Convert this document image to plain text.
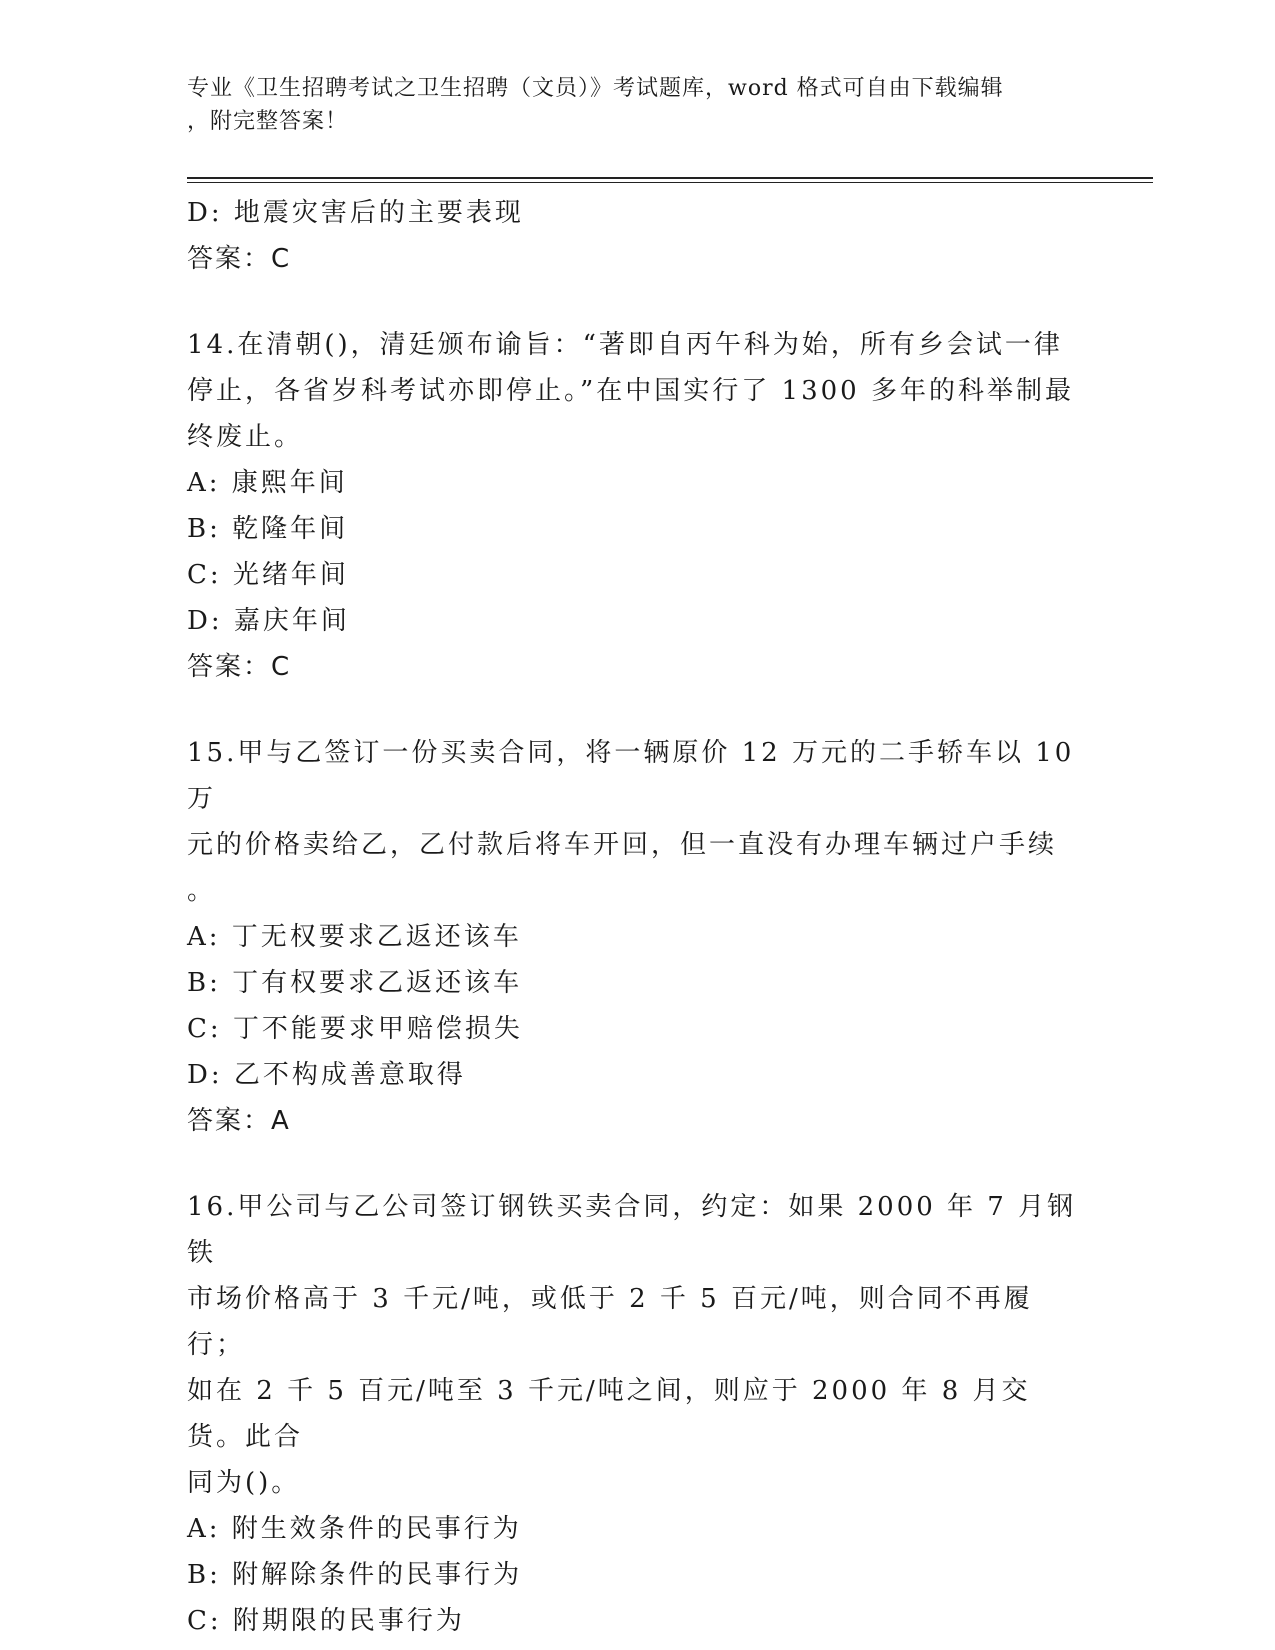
专业《卫生招聘考试之卫生招聘（文员）》考试题库，word 格式可自由下载编辑
，附完整答案！
D: 地震灾害后的主要表现
答案：C
14.在清朝()，清廷颁布谕旨：“著即自丙午科为始，所有乡会试一律
停止，各省岁科考试亦即停止。”在中国实行了 1300 多年的科举制最
终废止。
A: 康熙年间
B: 乾隆年间
C: 光绪年间
D: 嘉庆年间
答案：C
15.甲与乙签订一份买卖合同，将一辆原价 12 万元的二手轿车以 10 万
元的价格卖给乙，乙付款后将车开回，但一直没有办理车辆过户手续
。
A: 丁无权要求乙返还该车
B: 丁有权要求乙返还该车
C: 丁不能要求甲赔偿损失
D: 乙不构成善意取得
答案：A
16.甲公司与乙公司签订钢铁买卖合同，约定：如果 2000 年 7 月钢铁
市场价格高于 3 千元/吨，或低于 2 千 5 百元/吨，则合同不再履行；
如在 2 千 5 百元/吨至 3 千元/吨之间，则应于 2000 年 8 月交货。此合
同为()。
A: 附生效条件的民事行为
B: 附解除条件的民事行为
C: 附期限的民事行为
